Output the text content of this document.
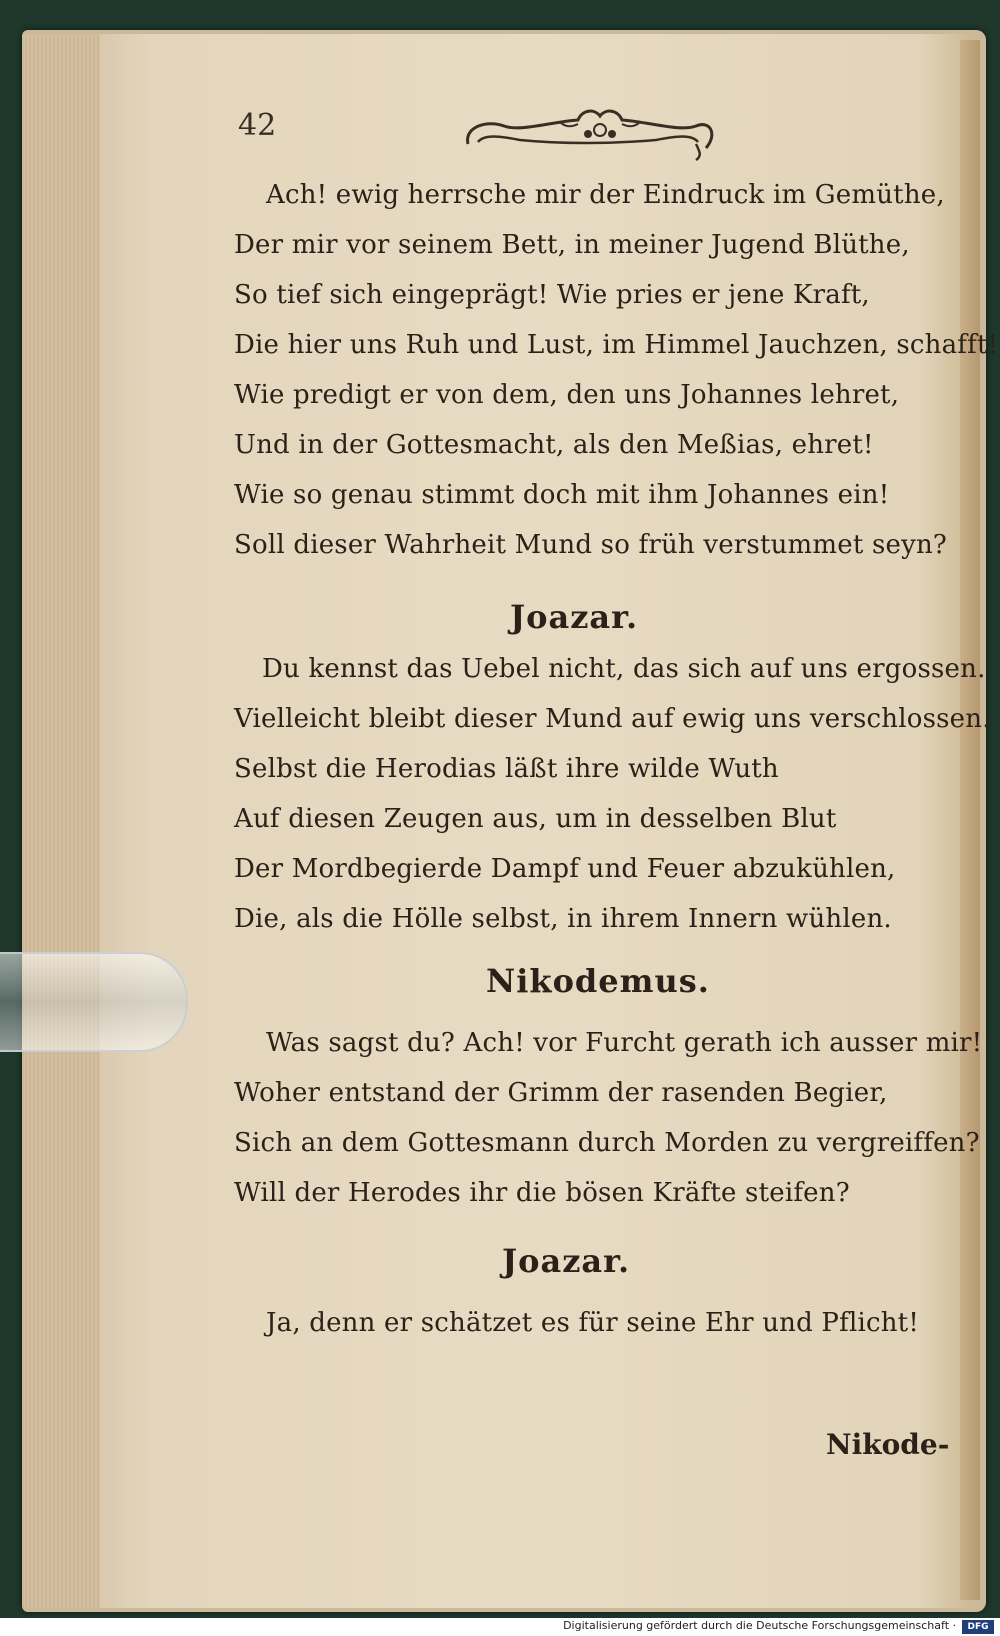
42
Ach! ewig herrsche mir der Eindruck im Gemüthe,
Der mir vor seinem Bett, in meiner Jugend Blüthe,
So tief sich eingeprägt! Wie pries er jene Kraft,
Die hier uns Ruh und Lust, im Himmel Jauchzen, schafft!
Wie predigt er von dem, den uns Johannes lehret,
Und in der Gottesmacht, als den Meßias, ehret!
Wie so genau stimmt doch mit ihm Johannes ein!
Soll dieser Wahrheit Mund so früh verstummet seyn?
Joazar.
Du kennst das Uebel nicht, das sich auf uns ergossen.
Vielleicht bleibt dieser Mund auf ewig uns verschlossen.
Selbst die Herodias läßt ihre wilde Wuth
Auf diesen Zeugen aus, um in desselben Blut
Der Mordbegierde Dampf und Feuer abzukühlen,
Die, als die Hölle selbst, in ihrem Innern wühlen.
Nikodemus.
Was sagst du? Ach! vor Furcht gerath ich ausser mir!
Woher entstand der Grimm der rasenden Begier,
Sich an dem Gottesmann durch Morden zu vergreiffen?
Will der Herodes ihr die bösen Kräfte steifen?
Joazar.
Ja, denn er schätzet es für seine Ehr und Pflicht!
Nikode-
Digitalisierung gefördert durch die Deutsche Forschungsgemeinschaft ·	DFG
